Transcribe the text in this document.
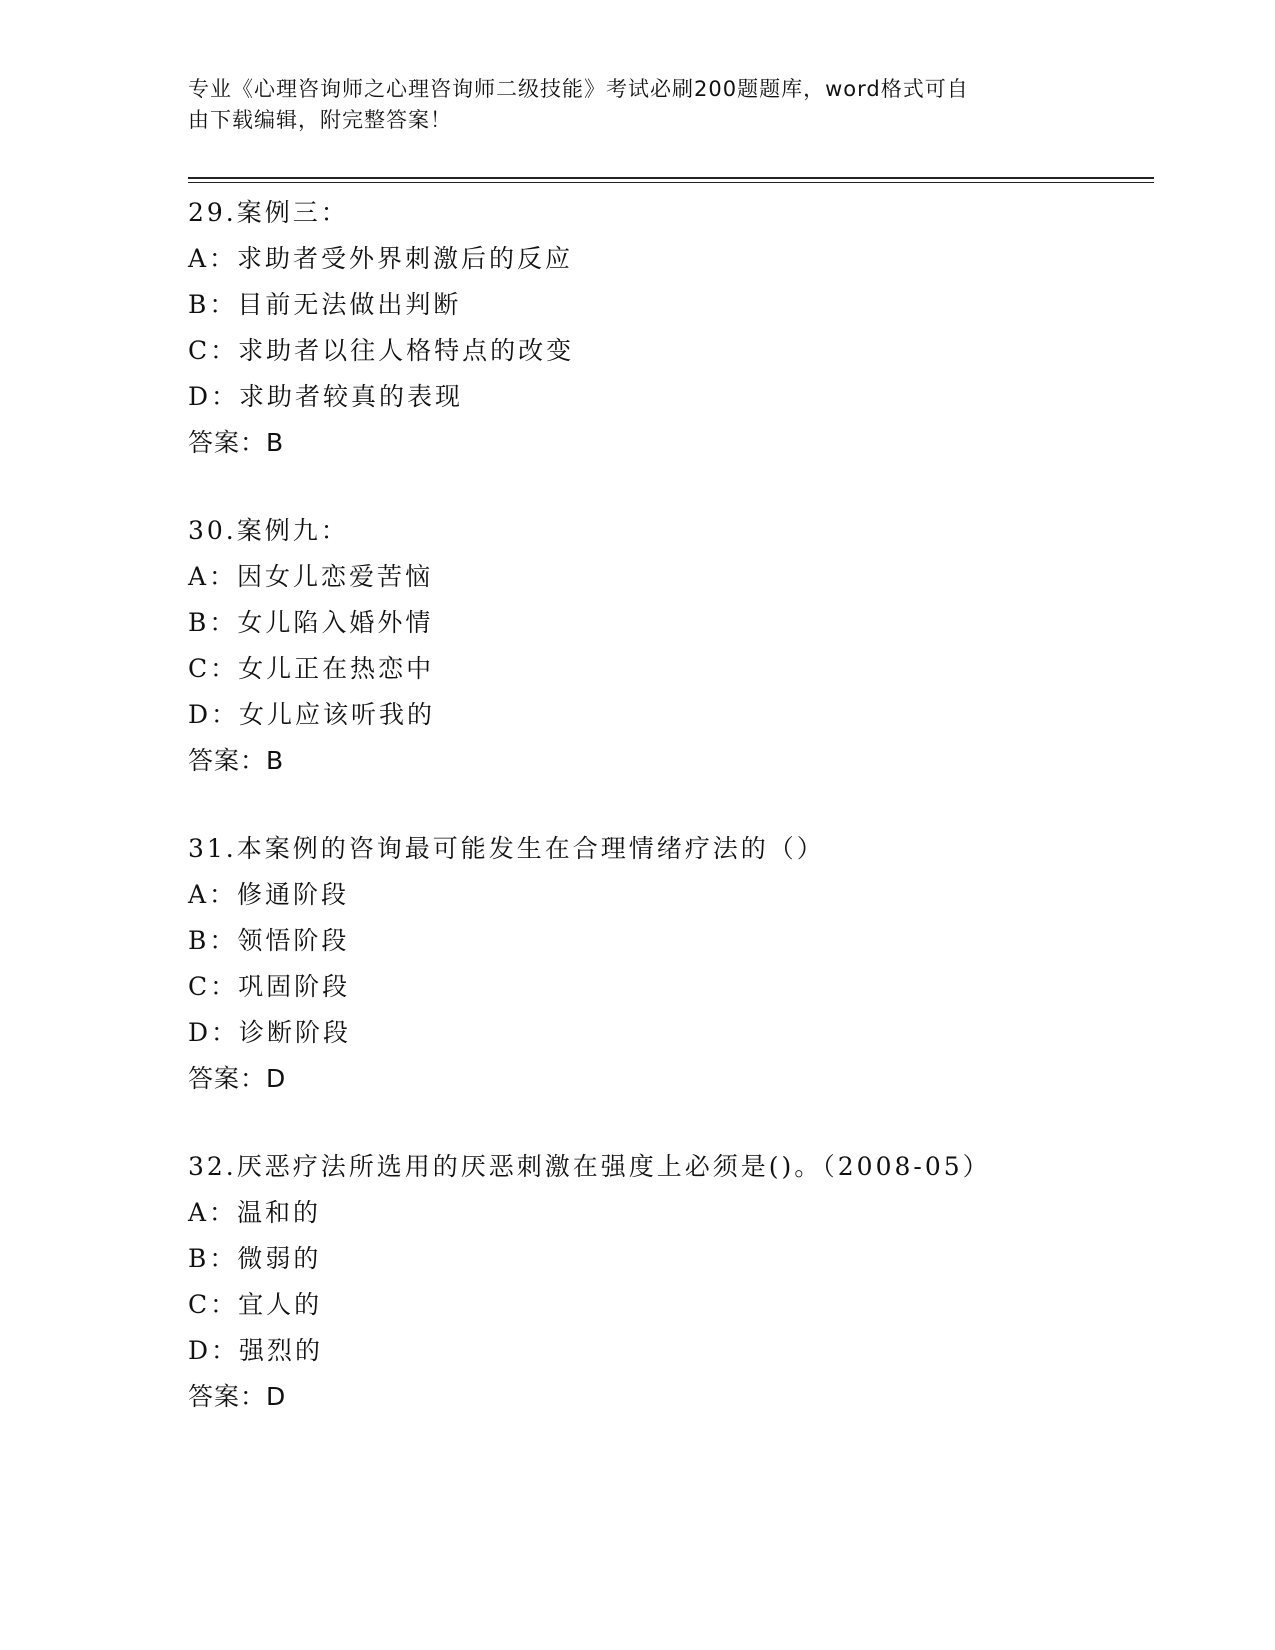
专业《心理咨询师之心理咨询师二级技能》考试必刷200题题库，word格式可自
由下载编辑，附完整答案！
29.案例三：
A：求助者受外界刺激后的反应
B：目前无法做出判断
C：求助者以往人格特点的改变
D：求助者较真的表现
答案：B
30.案例九：
A：因女儿恋爱苦恼
B：女儿陷入婚外情
C：女儿正在热恋中
D：女儿应该听我的
答案：B
31.本案例的咨询最可能发生在合理情绪疗法的（）
A：修通阶段
B：领悟阶段
C：巩固阶段
D：诊断阶段
答案：D
32.厌恶疗法所选用的厌恶刺激在强度上必须是()。（2008-05）
A：温和的
B：微弱的
C：宜人的
D：强烈的
答案：D
